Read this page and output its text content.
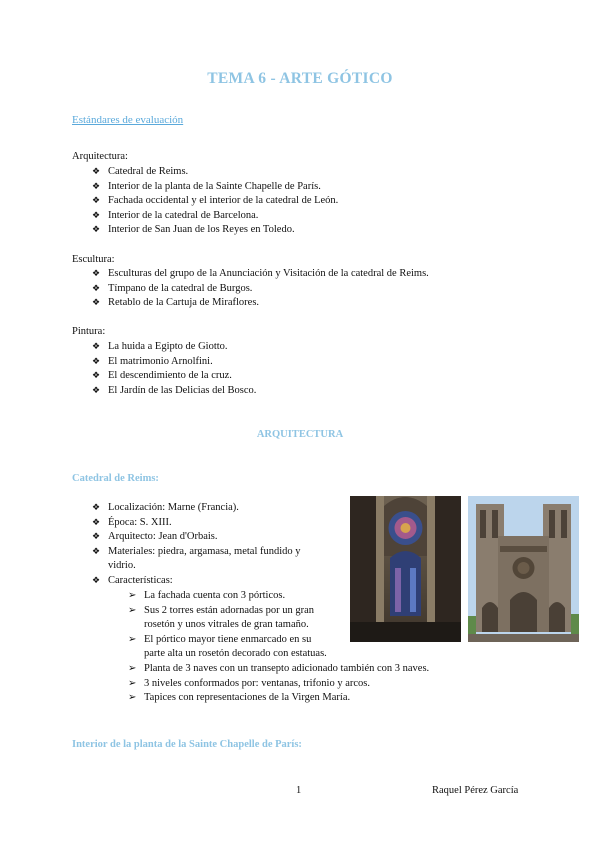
TEMA 6 - ARTE GÓTICO
Estándares de evaluación
Arquitectura:
❖ Catedral de Reims.
❖ Interior de la planta de la Sainte Chapelle de París.
❖ Fachada occidental y el interior de la catedral de León.
❖ Interior de la catedral de Barcelona.
❖ Interior de San Juan de los Reyes en Toledo.
Escultura:
❖ Esculturas del grupo de la Anunciación y Visitación de la catedral de Reims.
❖ Tímpano de la catedral de Burgos.
❖ Retablo de la Cartuja de Miraflores.
Pintura:
❖ La huida a Egipto de Giotto.
❖ El matrimonio Arnolfini.
❖ El descendimiento de la cruz.
❖ El Jardín de las Delicias del Bosco.
ARQUITECTURA
Catedral de Reims:
❖ Localización: Marne (Francia).
❖ Época: S. XIII.
❖ Arquitecto: Jean d'Orbais.
❖ Materiales: piedra, argamasa, metal fundido y
vidrio.
❖ Características:
➢ La fachada cuenta con 3 pórticos.
➢ Sus 2 torres están adornadas por un gran
rosetón y unos vitrales de gran tamaño.
➢ El pórtico mayor tiene enmarcado en su
parte alta un rosetón decorado con estatuas.
➢ Planta de 3 naves con un transepto adicionado también con 3 naves.
➢ 3 niveles conformados por: ventanas, trifonio y arcos.
➢ Tapices con representaciones de la Virgen María.
Interior de la planta de la Sainte Chapelle de París:
1	Raquel Pérez García
